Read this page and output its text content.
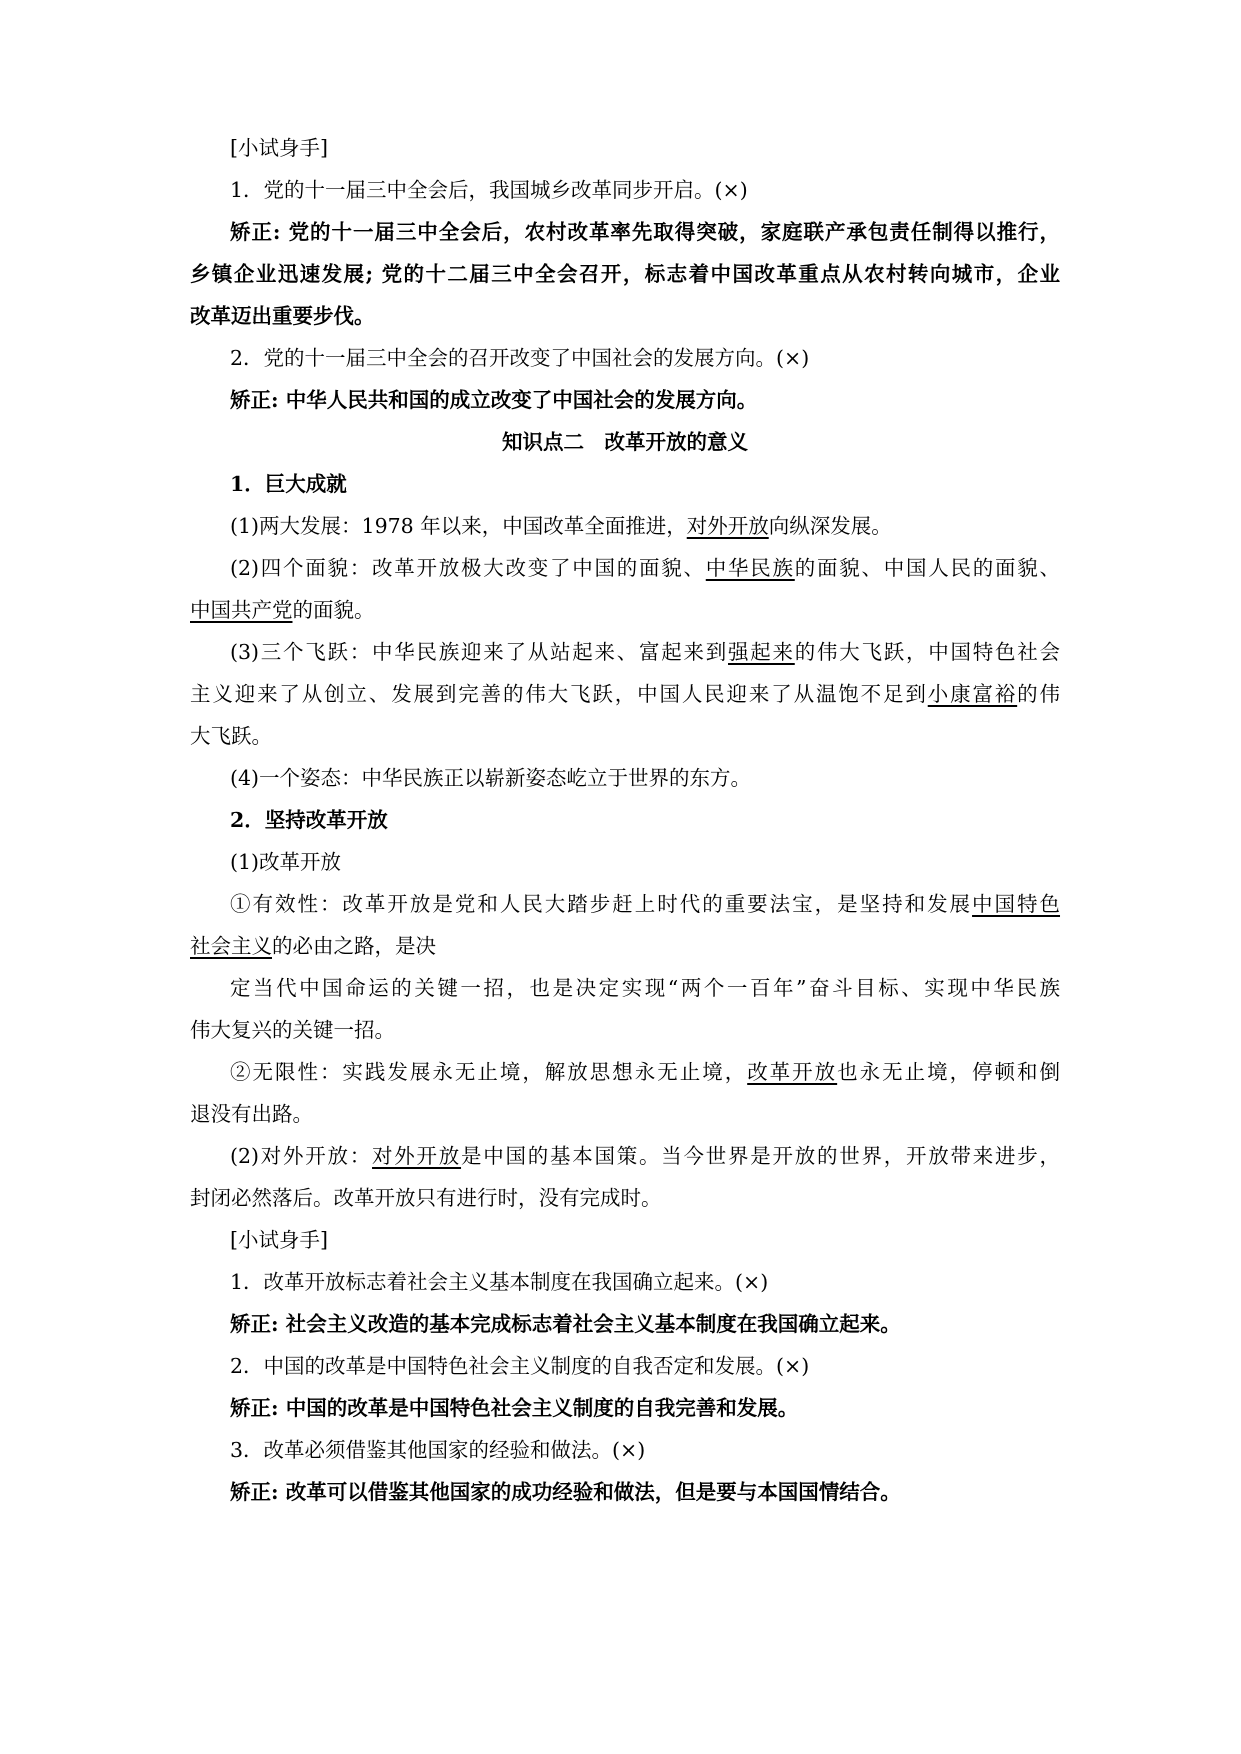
[小试身手]
1．党的十一届三中全会后，我国城乡改革同步开启。(×)
矫正: 党的十一届三中全会后，农村改革率先取得突破，家庭联产承包责任制得以推行，
乡镇企业迅速发展; 党的十二届三中全会召开，标志着中国改革重点从农村转向城市，企业
改革迈出重要步伐。
2．党的十一届三中全会的召开改变了中国社会的发展方向。(×)
矫正: 中华人民共和国的成立改变了中国社会的发展方向。
知识点二　改革开放的意义
1．巨大成就
(1)两大发展：1978 年以来，中国改革全面推进，对外开放向纵深发展。
(2)四个面貌：改革开放极大改变了中国的面貌、中华民族的面貌、中国人民的面貌、
中国共产党的面貌。
(3)三个飞跃：中华民族迎来了从站起来、富起来到强起来的伟大飞跃，中国特色社会
主义迎来了从创立、发展到完善的伟大飞跃，中国人民迎来了从温饱不足到小康富裕的伟
大飞跃。
(4)一个姿态：中华民族正以崭新姿态屹立于世界的东方。
2．坚持改革开放
(1)改革开放
①有效性：改革开放是党和人民大踏步赶上时代的重要法宝，是坚持和发展中国特色
社会主义的必由之路，是决
定当代中国命运的关键一招，也是决定实现“两个一百年”奋斗目标、实现中华民族
伟大复兴的关键一招。
②无限性：实践发展永无止境，解放思想永无止境，改革开放也永无止境，停顿和倒
退没有出路。
(2)对外开放：对外开放是中国的基本国策。当今世界是开放的世界，开放带来进步，
封闭必然落后。改革开放只有进行时，没有完成时。
[小试身手]
1．改革开放标志着社会主义基本制度在我国确立起来。(×)
矫正: 社会主义改造的基本完成标志着社会主义基本制度在我国确立起来。
2．中国的改革是中国特色社会主义制度的自我否定和发展。(×)
矫正: 中国的改革是中国特色社会主义制度的自我完善和发展。
3．改革必须借鉴其他国家的经验和做法。(×)
矫正: 改革可以借鉴其他国家的成功经验和做法，但是要与本国国情结合。
